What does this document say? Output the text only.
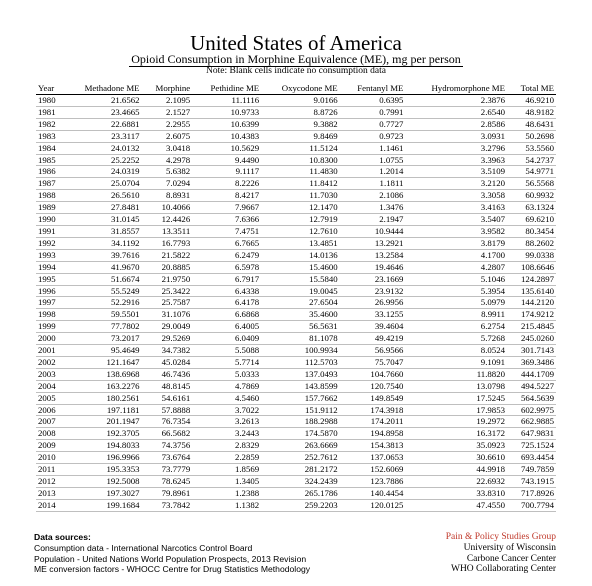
United States of America
Opioid Consumption in Morphine Equivalence (ME), mg per person
Note: Blank cells indicate no consumption data
Year	Methadone ME	Morphine	Pethidine ME	Oxycodone ME	Fentanyl ME	Hydromorphone ME	Total ME
1980	21.6562	2.1095	11.1116	9.0166	0.6395	2.3876	46.9210
1981	23.4665	2.1527	10.9733	8.8726	0.7991	2.6540	48.9182
1982	22.6881	2.2955	10.6399	9.3882	0.7727	2.8586	48.6431
1983	23.3117	2.6075	10.4383	9.8469	0.9723	3.0931	50.2698
1984	24.0132	3.0418	10.5629	11.5124	1.1461	3.2796	53.5560
1985	25.2252	4.2978	9.4490	10.8300	1.0755	3.3963	54.2737
1986	24.0319	5.6382	9.1117	11.4830	1.2014	3.5109	54.9771
1987	25.0704	7.0294	8.2226	11.8412	1.1811	3.2120	56.5568
1988	26.5610	8.8931	8.4217	11.7030	2.1086	3.3058	60.9932
1989	27.8481	10.4066	7.9667	12.1470	1.3476	3.4163	63.1324
1990	31.0145	12.4426	7.6366	12.7919	2.1947	3.5407	69.6210
1991	31.8557	13.3511	7.4751	12.7610	10.9444	3.9582	80.3454
1992	34.1192	16.7793	6.7665	13.4851	13.2921	3.8179	88.2602
1993	39.7616	21.5822	6.2479	14.0136	13.2584	4.1700	99.0338
1994	41.9670	20.8885	6.5978	15.4600	19.4646	4.2807	108.6646
1995	51.6674	21.9750	6.7917	15.5840	23.1669	5.1046	124.2897
1996	55.5249	25.3422	6.4338	19.0045	23.9132	5.3954	135.6140
1997	52.2916	25.7587	6.4178	27.6504	26.9956	5.0979	144.2120
1998	59.5501	31.1076	6.6868	35.4600	33.1255	8.9911	174.9212
1999	77.7802	29.0049	6.4005	56.5631	39.4604	6.2754	215.4845
2000	73.2017	29.5269	6.0409	81.1078	49.4219	5.7268	245.0260
2001	95.4649	34.7382	5.5088	100.9934	56.9566	8.0524	301.7143
2002	121.1647	45.0284	5.7714	112.5703	75.7047	9.1091	369.3486
2003	138.6968	46.7436	5.0333	137.0493	104.7660	11.8820	444.1709
2004	163.2276	48.8145	4.7869	143.8599	120.7540	13.0798	494.5227
2005	180.2561	54.6161	4.5460	157.7662	149.8549	17.5245	564.5639
2006	197.1181	57.8888	3.7022	151.9112	174.3918	17.9853	602.9975
2007	201.1947	76.7354	3.2613	188.2988	174.2011	19.2972	662.9885
2008	192.3705	66.5682	3.2443	174.5870	194.8958	16.3172	647.9831
2009	194.8033	74.3756	2.8329	263.6669	154.3813	35.0923	725.1524
2010	196.9966	73.6764	2.2859	252.7612	137.0653	30.6610	693.4454
2011	195.3353	73.7779	1.8569	281.2172	152.6069	44.9918	749.7859
2012	192.5008	78.6245	1.3405	324.2439	123.7886	22.6932	743.1915
2013	197.3027	79.8961	1.2388	265.1786	140.4454	33.8310	717.8926
2014	199.1684	73.7842	1.1382	259.2203	120.0125	47.4550	700.7794
Data sources:
Consumption data - International Narcotics Control Board
Population - United Nations World Population Prospects, 2013 Revision
ME conversion factors - WHOCC Centre for Drug Statistics Methodology
Pain & Policy Studies Group
University of Wisconsin
Carbone Cancer Center
WHO Collaborating Center
